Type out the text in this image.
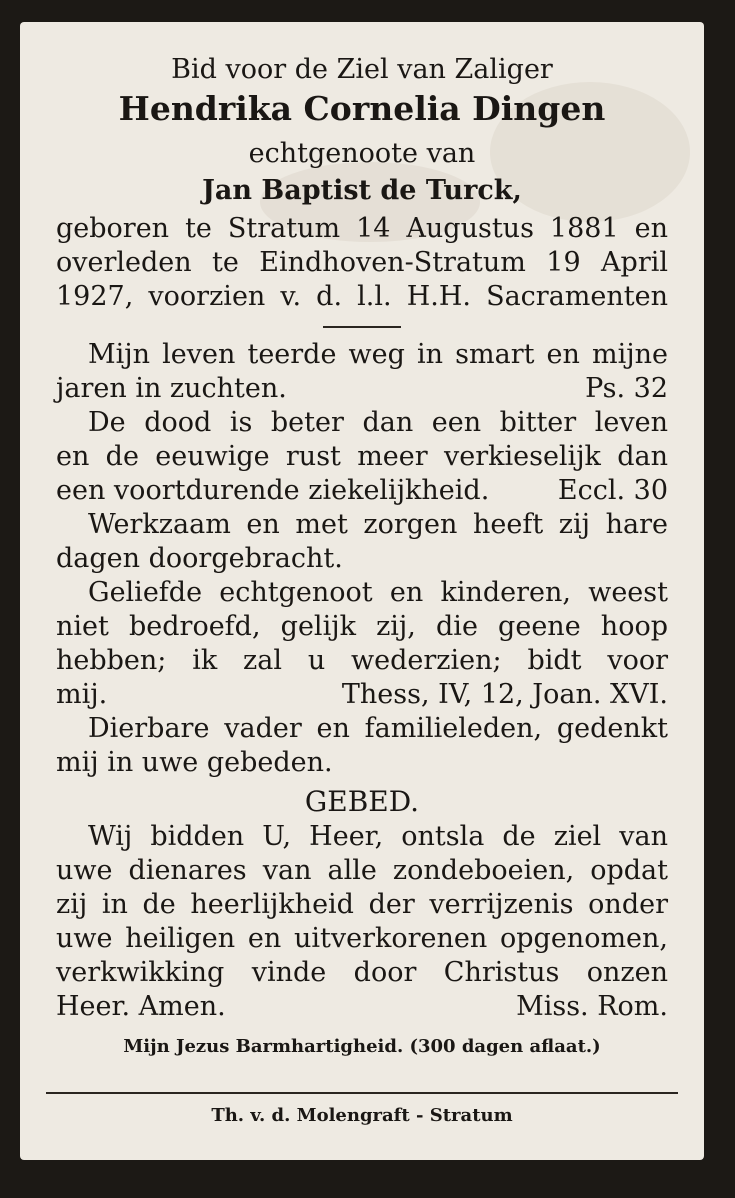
Bid voor de Ziel van Zaliger
Hendrika Cornelia Dingen
echtgenoote van
Jan Baptist de Turck,
geboren te Stratum 14 Augustus 1881 en
overleden te Eindhoven-Stratum 19 April
1927, voorzien v. d. l.l. H.H. Sacramenten
Mijn leven teerde weg in smart en mijne
jaren in zuchten.	Ps. 32
De dood is beter dan een bitter leven
en de eeuwige rust meer verkieselijk dan
een voortdurende ziekelijkheid.	Eccl. 30
Werkzaam en met zorgen heeft zij hare
dagen doorgebracht.
Geliefde echtgenoot en kinderen, weest
niet bedroefd, gelijk zij, die geene hoop
hebben; ik zal u wederzien; bidt voor
mij.	Thess, IV, 12, Joan. XVI.
Dierbare vader en familieleden, gedenkt
mij in uwe gebeden.
GEBED.
Wij bidden U, Heer, ontsla de ziel van
uwe dienares van alle zondeboeien, opdat
zij in de heerlijkheid der verrijzenis onder
uwe heiligen en uitverkorenen opgenomen,
verkwikking vinde door Christus onzen
Heer. Amen.	Miss. Rom.
Mijn Jezus Barmhartigheid. (300 dagen aflaat.)
Th. v. d. Molengraft - Stratum
